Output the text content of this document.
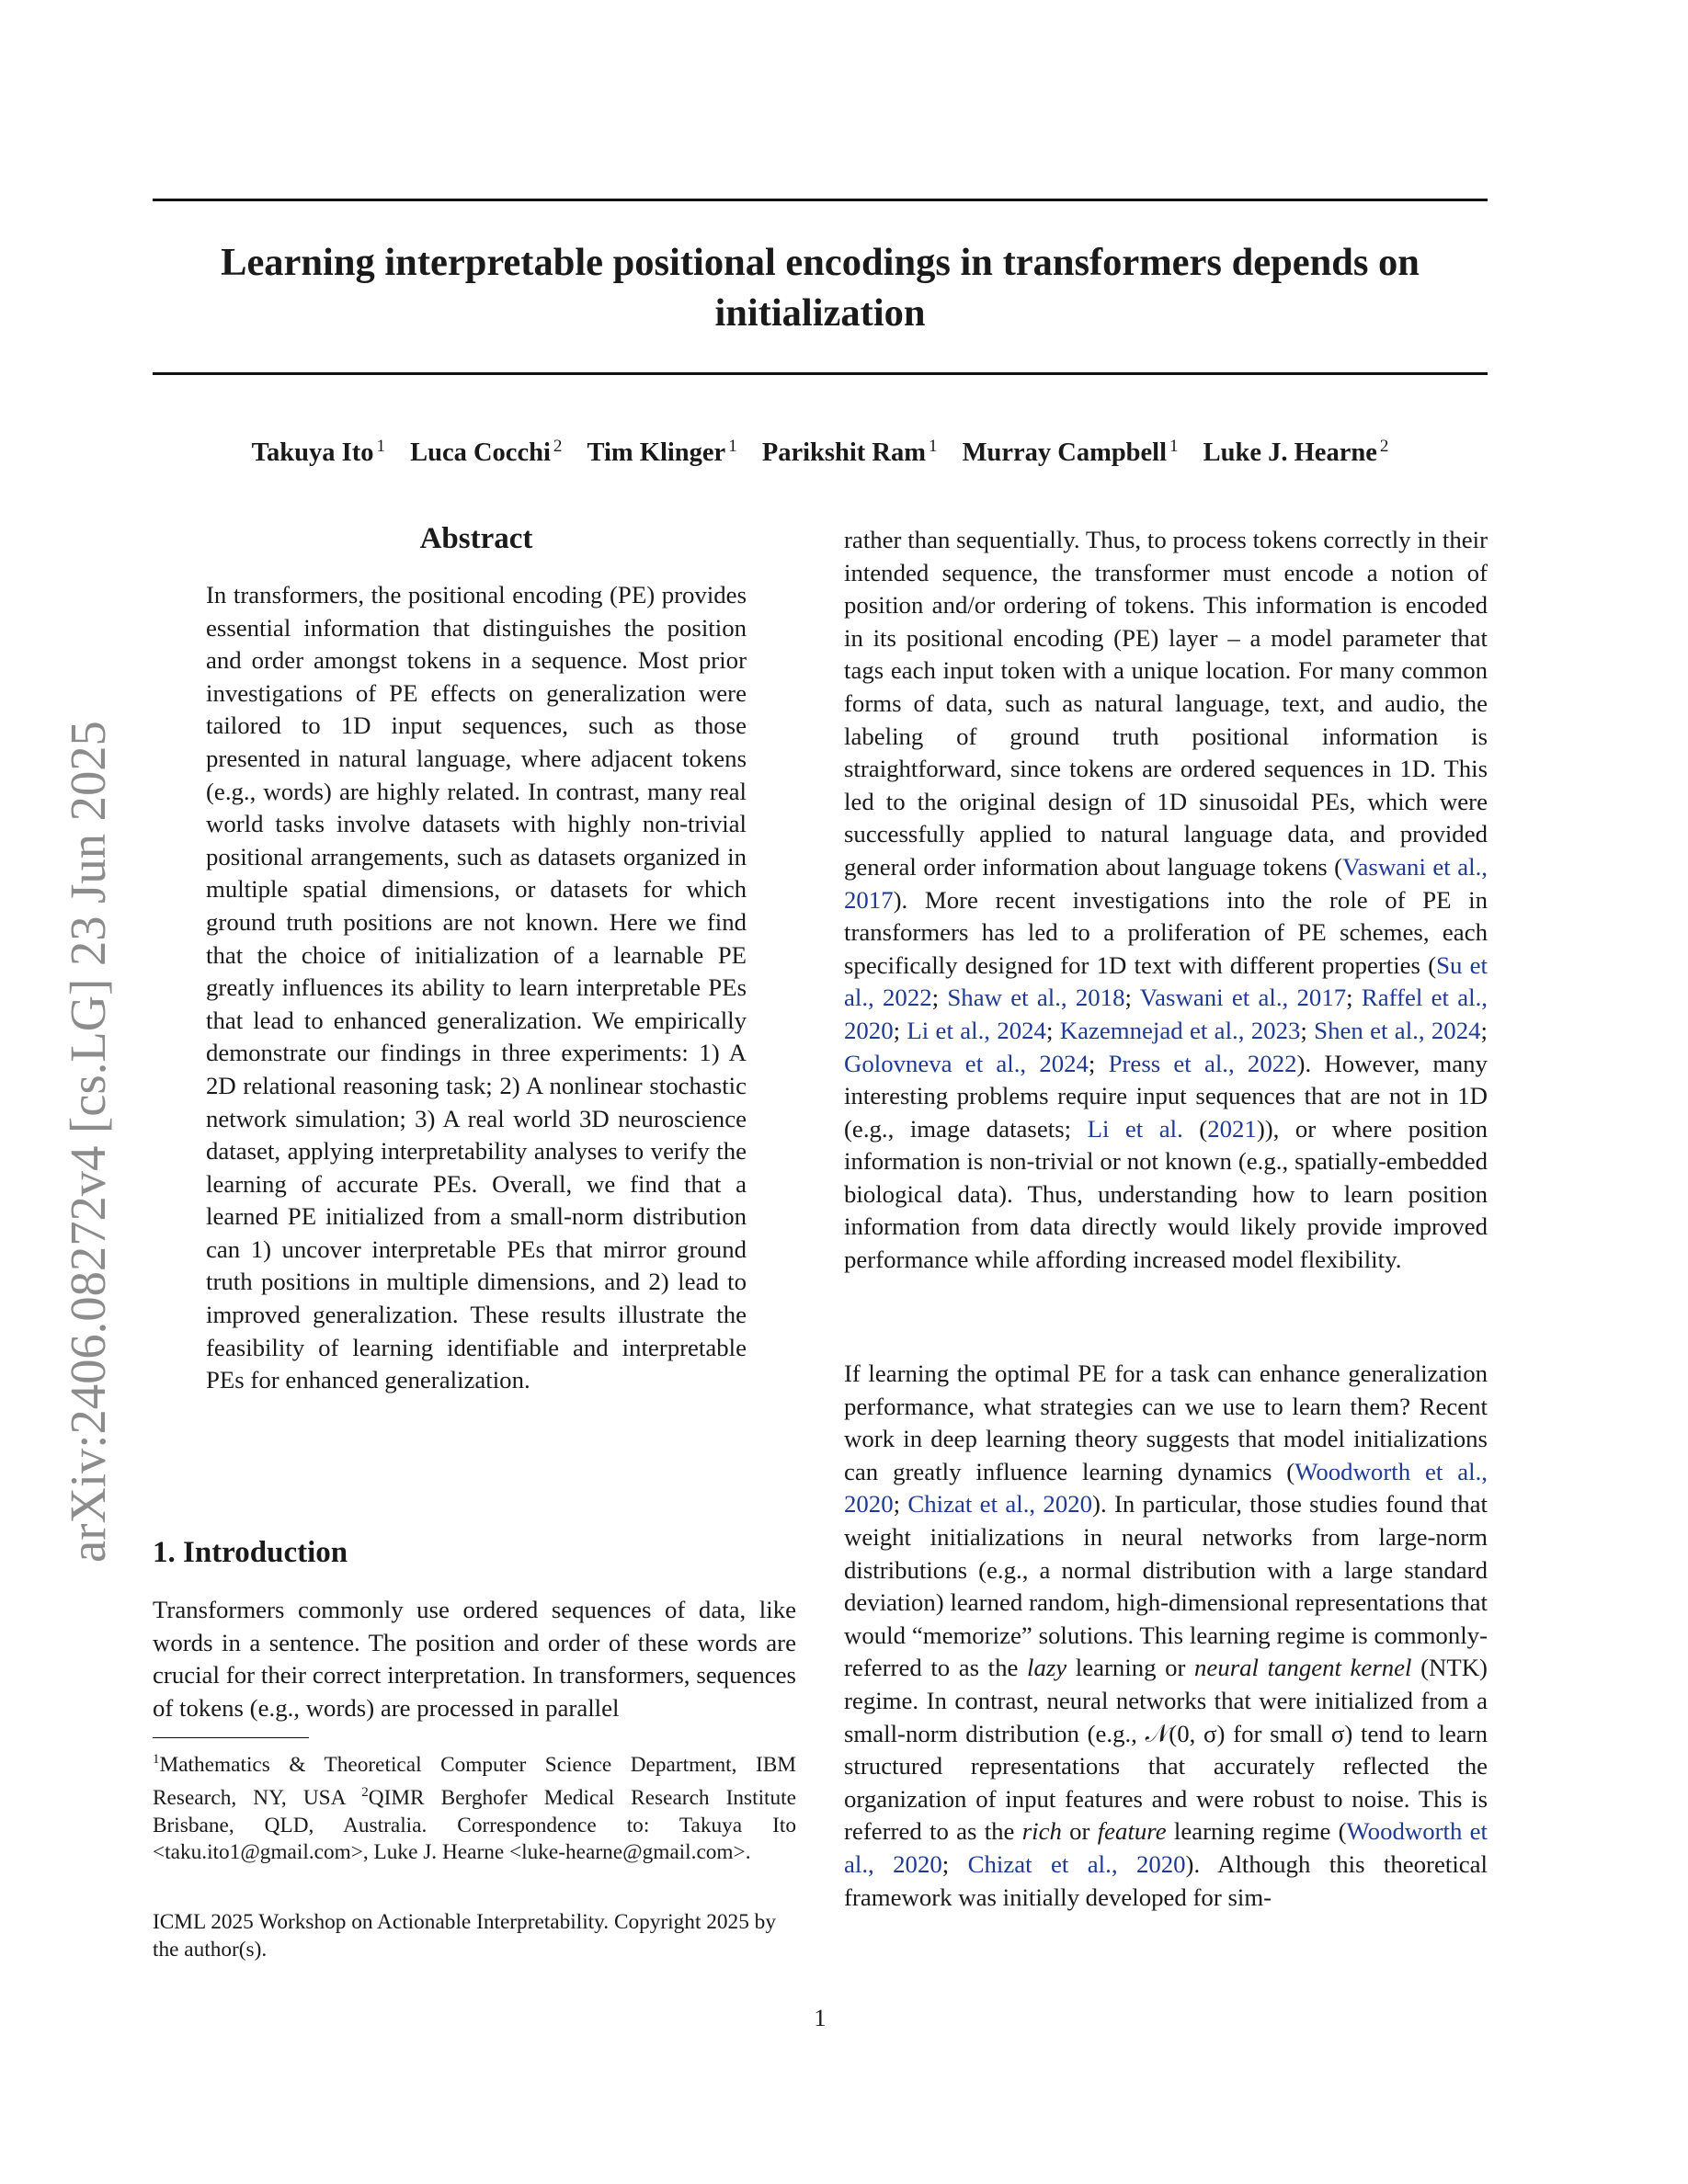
Learning interpretable positional encodings in transformers depends on initialization
Takuya Ito $^1$ Luca Cocchi $^2$ Tim Klinger $^1$ Parikshit Ram $^1$ Murray Campbell $^1$ Luke J. Hearne $^2$
arXiv:2406.08272v4 [cs.LG] 23 Jun 2025
Abstract

In transformers, the positional encoding (PE) provides essential information that distinguishes the position and order amongst tokens in a sequence. Most prior investigations of PE effects on generalization were tailored to 1D input sequences, such as those presented in natural language, where adjacent tokens (e.g., words) are highly related. In contrast, many real world tasks involve datasets with highly non-trivial positional arrangements, such as datasets organized in multiple spatial dimensions, or datasets for which ground truth positions are not known. Here we find that the choice of initialization of a learnable PE greatly influences its ability to learn interpretable PEs that lead to enhanced generalization. We empirically demonstrate our findings in three experiments: 1) A 2D relational reasoning task; 2) A nonlinear stochastic network simulation; 3) A real world 3D neuroscience dataset, applying interpretability analyses to verify the learning of accurate PEs. Overall, we find that a learned PE initialized from a small-norm distribution can 1) uncover interpretable PEs that mirror ground truth positions in multiple dimensions, and 2) lead to improved generalization. These results illustrate the feasibility of learning identifiable and interpretable PEs for enhanced generalization.

1. Introduction

Transformers commonly use ordered sequences of data, like words in a sentence. The position and order of these words are crucial for their correct interpretation. In transformers, sequences of tokens (e.g., words) are processed in parallel

$^1$Mathematics & Theoretical Computer Science Department, IBM Research, NY, USA $^2$QIMR Berghofer Medical Research Institute Brisbane, QLD, Australia. Correspondence to: Takuya Ito <taku.ito1@gmail.com>, Luke J. Hearne <luke-hearne@gmail.com>.

ICML 2025 Workshop on Actionable Interpretability. Copyright 2025 by the author(s).

rather than sequentially. Thus, to process tokens correctly in their intended sequence, the transformer must encode a notion of position and/or ordering of tokens. This information is encoded in its positional encoding (PE) layer – a model parameter that tags each input token with a unique location. For many common forms of data, such as natural language, text, and audio, the labeling of ground truth positional information is straightforward, since tokens are ordered sequences in 1D. This led to the original design of 1D sinusoidal PEs, which were successfully applied to natural language data, and provided general order information about language tokens (Vaswani et al., 2017). More recent investigations into the role of PE in transformers has led to a proliferation of PE schemes, each specifically designed for 1D text with different properties (Su et al., 2022; Shaw et al., 2018; Vaswani et al., 2017; Raffel et al., 2020; Li et al., 2024; Kazemnejad et al., 2023; Shen et al., 2024; Golovneva et al., 2024; Press et al., 2022). However, many interesting problems require input sequences that are not in 1D (e.g., image datasets; Li et al. (2021)), or where position information is non-trivial or not known (e.g., spatially-embedded biological data). Thus, understanding how to learn position information from data directly would likely provide improved performance while affording increased model flexibility.

If learning the optimal PE for a task can enhance generalization performance, what strategies can we use to learn them? Recent work in deep learning theory suggests that model initializations can greatly influence learning dynamics (Woodworth et al., 2020; Chizat et al., 2020). In particular, those studies found that weight initializations in neural networks from large-norm distributions (e.g., a normal distribution with a large standard deviation) learned random, high-dimensional representations that would “memorize” solutions. This learning regime is commonly-referred to as the lazy learning or neural tangent kernel (NTK) regime. In contrast, neural networks that were initialized from a small-norm distribution (e.g., 𝒩(0, σ) for small σ) tend to learn structured representations that accurately reflected the organization of input features and were robust to noise. This is referred to as the rich or feature learning regime (Woodworth et al., 2020; Chizat et al., 2020). Although this theoretical framework was initially developed for sim-

1
